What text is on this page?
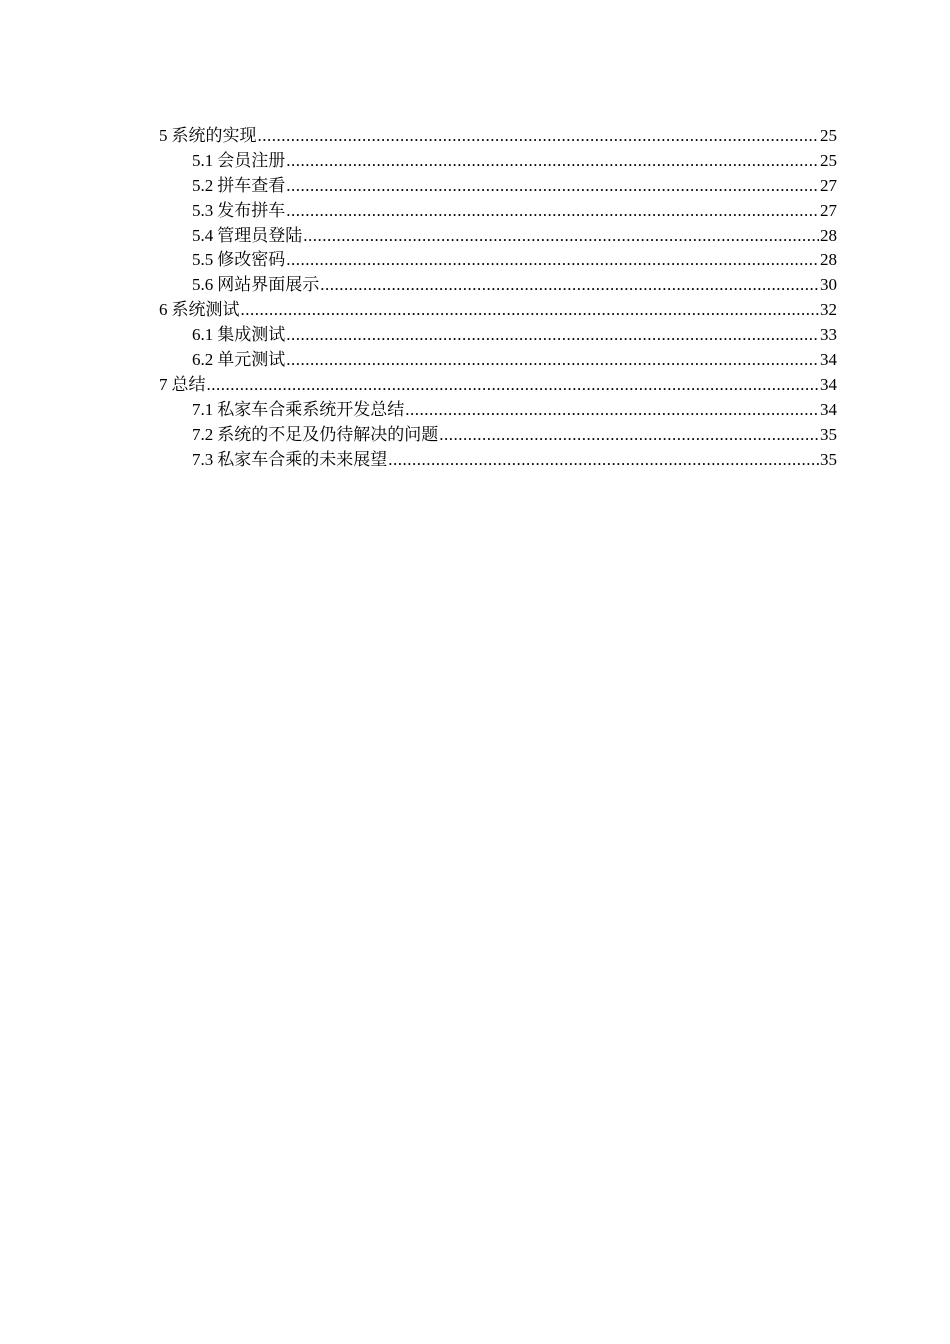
5 系统的实现 .....	25
5.1 会员注册 .....	25
5.2 拼车查看 .....	27
5.3 发布拼车 .....	27
5.4 管理员登陆 .....	28
5.5 修改密码 .....	28
5.6 网站界面展示 .....	30
6 系统测试 .....	32
6.1 集成测试 .....	33
6.2 单元测试 .....	34
7 总结 .....	34
7.1 私家车合乘系统开发总结 .....	34
7.2 系统的不足及仍待解决的问题 .....	35
7.3 私家车合乘的未来展望 .....	35
